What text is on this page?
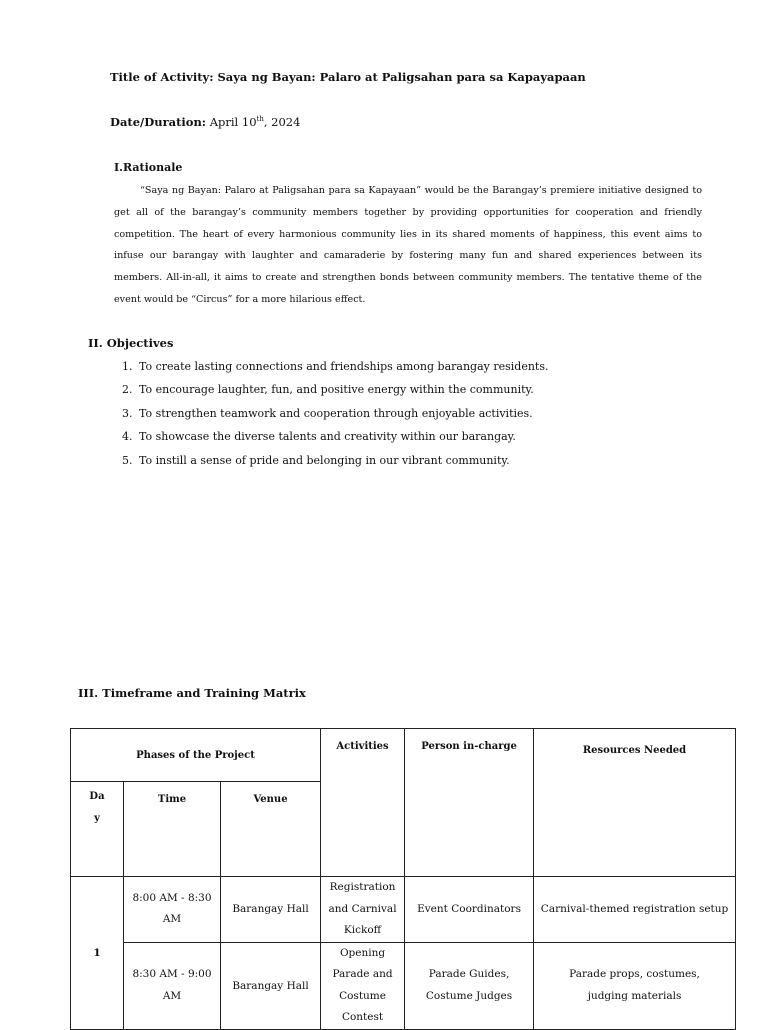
Title of Activity: Saya ng Bayan: Palaro at Paligsahan para sa Kapayapaan
Date/Duration: April 10th, 2024
I.Rationale
“Saya ng Bayan: Palaro at Paligsahan para sa Kapayaan” would be the Barangay’s premiere initiative designed to get all of the barangay’s community members together by providing opportunities for cooperation and friendly competition. The heart of every harmonious community lies in its shared moments of happiness, this event aims to infuse our barangay with laughter and camaraderie by fostering many fun and shared experiences between its members. All-in-all, it aims to create and strengthen bonds between community members. The tentative theme of the event would be “Circus” for a more hilarious effect.
II. Objectives
1. To create lasting connections and friendships among barangay residents.
2. To encourage laughter, fun, and positive energy within the community.
3. To strengthen teamwork and cooperation through enjoyable activities.
4. To showcase the diverse talents and creativity within our barangay.
5. To instill a sense of pride and belonging in our vibrant community.
III. Timeframe and Training Matrix
Phases of the Project			Activities	Person in-charge	Resources Needed

Da
y	Time	Venue			
1	8:00 AM - 8:30 AM	Barangay Hall	Registration and Carnival Kickoff	Event Coordinators	Carnival-themed registration setup
	8:30 AM - 9:00 AM	Barangay Hall	Opening Parade and Costume Contest	Parade Guides, Costume Judges	Parade props, costumes, judging materials
